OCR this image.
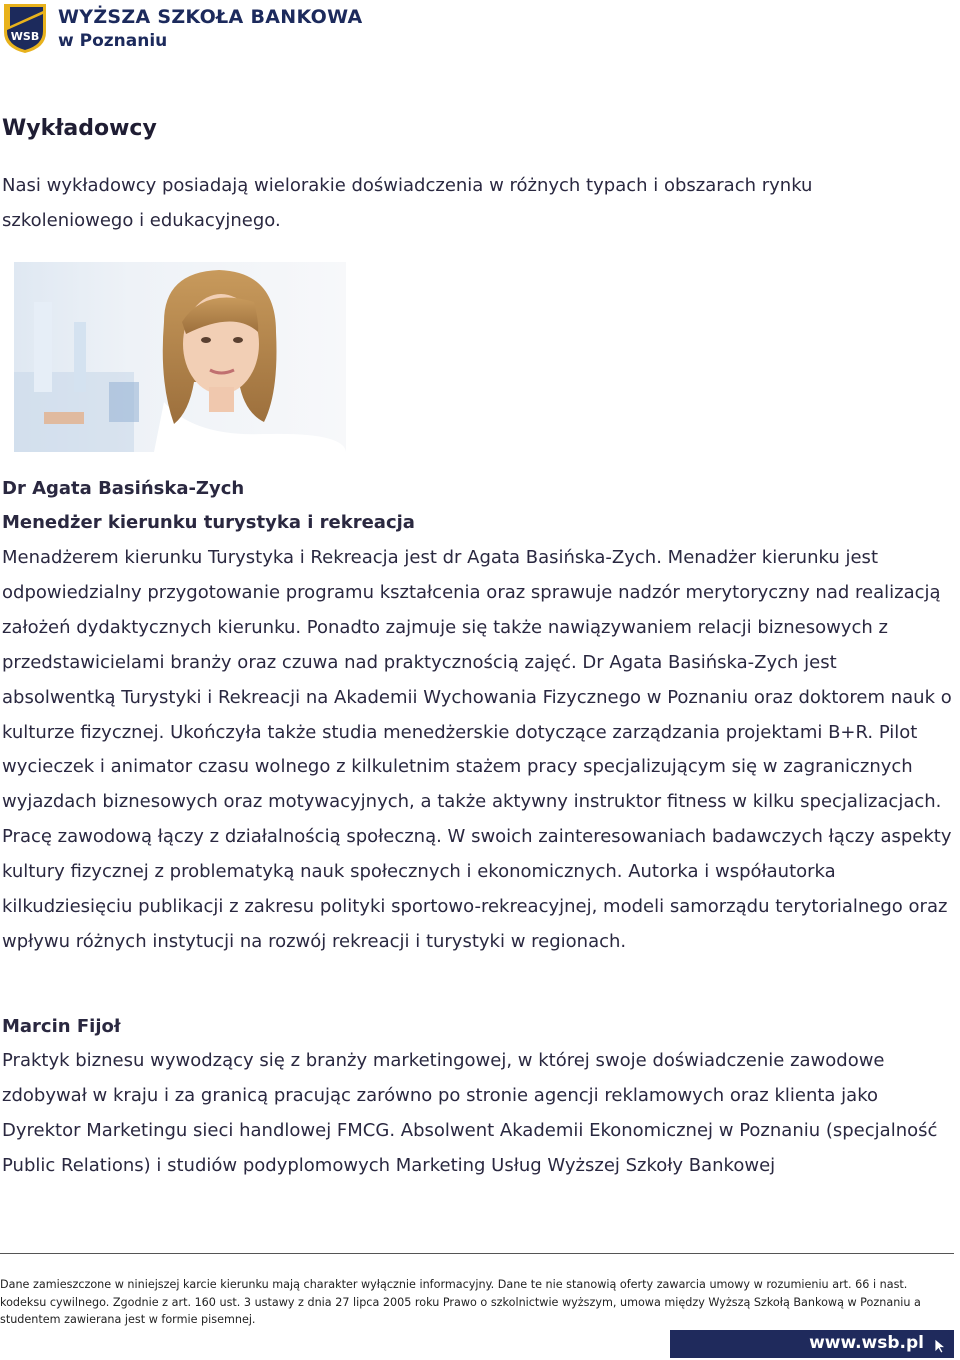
WSB
WYŻSZA SZKOŁA BANKOWA
w Poznaniu
Wykładowcy

Nasi wykładowcy posiadają wielorakie doświadczenia w różnych typach i obszarach rynku szkoleniowego i edukacyjnego.

Dr Agata Basińska-Zych
Menedżer kierunku turystyka i rekreacja

Menadżerem kierunku Turystyka i Rekreacja jest dr Agata Basińska-Zych. Menadżer kierunku jest odpowiedzialny przygotowanie programu kształcenia oraz sprawuje nadzór merytoryczny nad realizacją założeń dydaktycznych kierunku. Ponadto zajmuje się także nawiązywaniem relacji biznesowych z przedstawicielami branży oraz czuwa nad praktycznością zajęć. Dr Agata Basińska-Zych jest absolwentką Turystyki i Rekreacji na Akademii Wychowania Fizycznego w Poznaniu oraz doktorem nauk o kulturze fizycznej. Ukończyła także studia menedżerskie dotyczące zarządzania projektami B+R. Pilot wycieczek i animator czasu wolnego z kilkuletnim stażem pracy specjalizującym się w zagranicznych wyjazdach biznesowych oraz motywacyjnych, a także aktywny instruktor fitness w kilku specjalizacjach. Pracę zawodową łączy z działalnością społeczną. W swoich zainteresowaniach badawczych łączy aspekty kultury fizycznej z problematyką nauk społecznych i ekonomicznych. Autorka i współautorka kilkudziesięciu publikacji z zakresu polityki sportowo-rekreacyjnej, modeli samorządu terytorialnego oraz wpływu różnych instytucji na rozwój rekreacji i turystyki w regionach.

Marcin Fijoł

Praktyk biznesu wywodzący się z branży marketingowej, w której swoje doświadczenie zawodowe zdobywał w kraju i za granicą pracując zarówno po stronie agencji reklamowych oraz klienta jako Dyrektor Marketingu sieci handlowej FMCG. Absolwent Akademii Ekonomicznej w Poznaniu (specjalność Public Relations) i studiów podyplomowych Marketing Usług Wyższej Szkoły Bankowej

Dane zamieszczone w niniejszej karcie kierunku mają charakter wyłącznie informacyjny. Dane te nie stanowią oferty zawarcia umowy w rozumieniu art. 66 i nast. kodeksu cywilnego. Zgodnie z art. 160 ust. 3 ustawy z dnia 27 lipca 2005 roku Prawo o szkolnictwie wyższym, umowa między Wyższą Szkołą Bankową w Poznaniu a studentem zawierana jest w formie pisemnej.

www.wsb.pl
